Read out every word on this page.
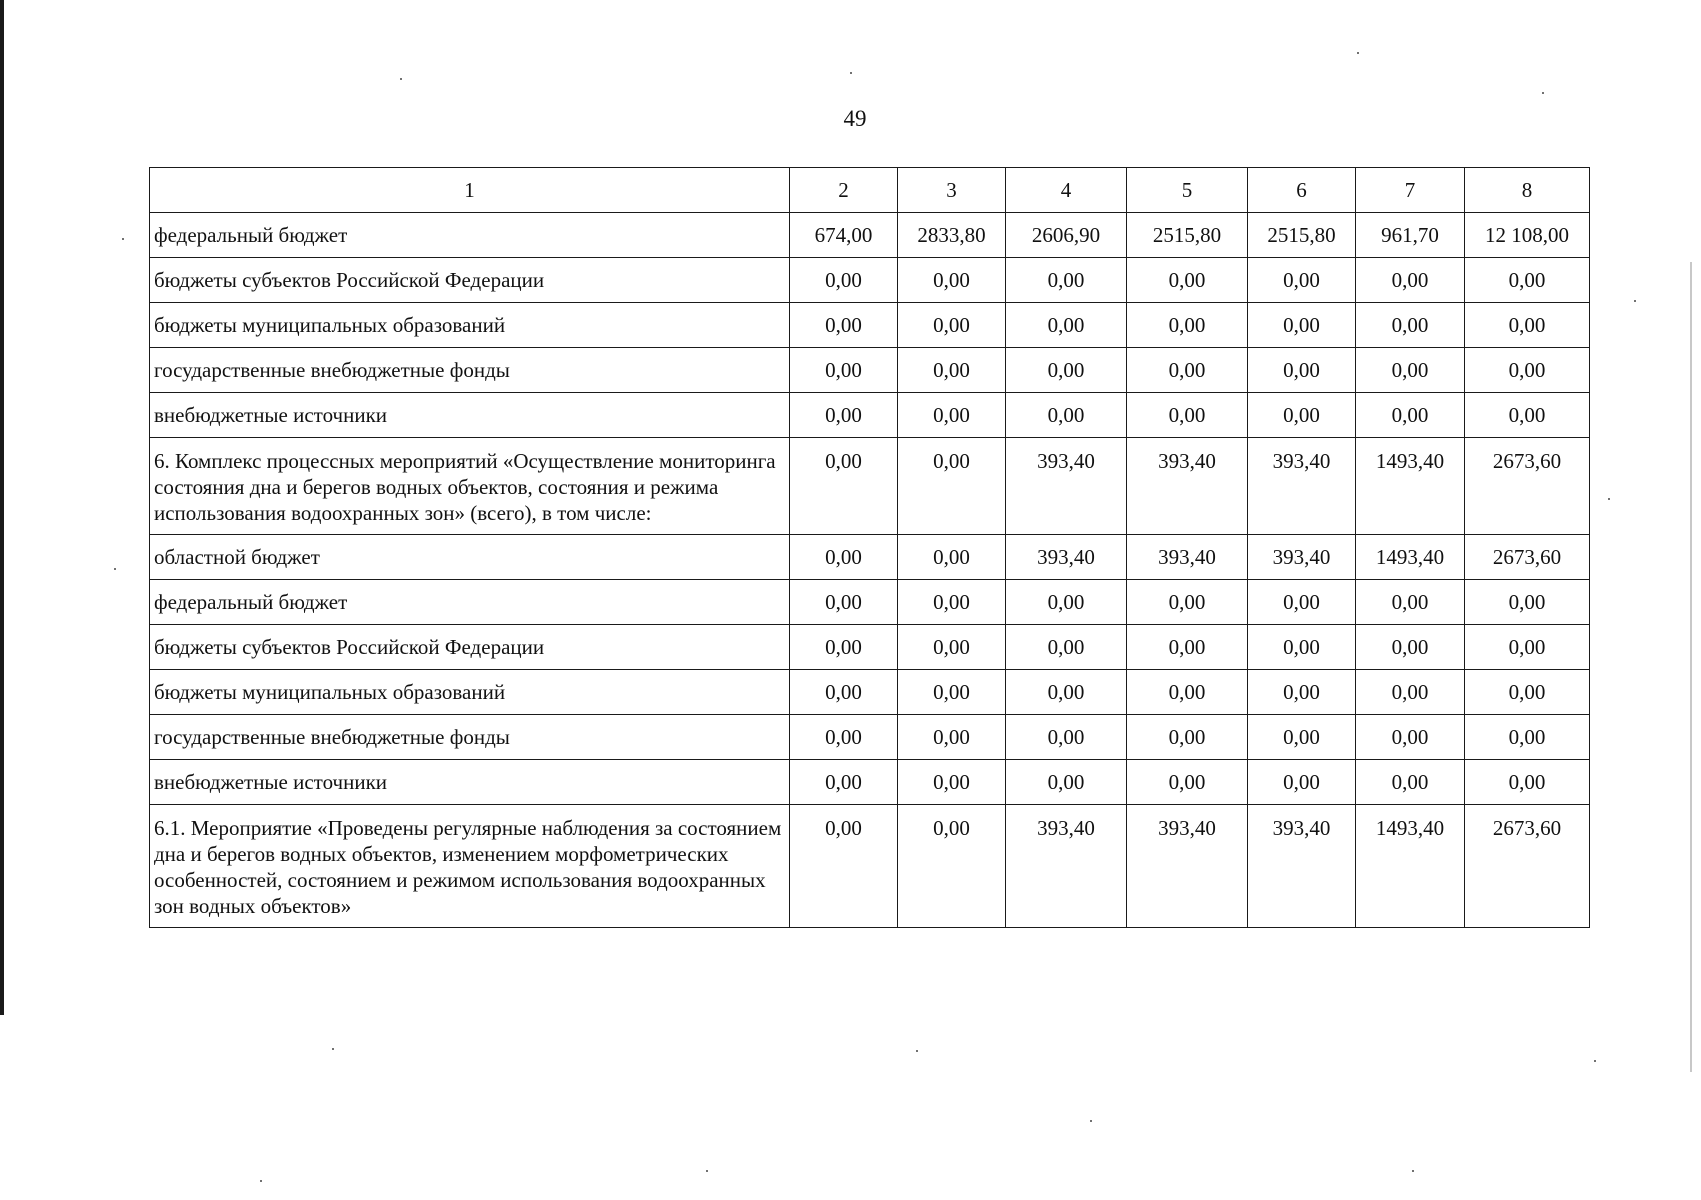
49
1	2	3	4	5	6	7	8
федеральный бюджет	674,00	2833,80	2606,90	2515,80	2515,80	961,70	12 108,00
бюджеты субъектов Российской Федерации	0,00	0,00	0,00	0,00	0,00	0,00	0,00
бюджеты муниципальных образований	0,00	0,00	0,00	0,00	0,00	0,00	0,00
государственные внебюджетные фонды	0,00	0,00	0,00	0,00	0,00	0,00	0,00
внебюджетные источники	0,00	0,00	0,00	0,00	0,00	0,00	0,00
6. Комплекс процессных мероприятий «Осуществление мониторинга состояния дна и берегов водных объектов, состояния и режима использования водоохранных зон» (всего), в том числе:	0,00	0,00	393,40	393,40	393,40	1493,40	2673,60
областной бюджет	0,00	0,00	393,40	393,40	393,40	1493,40	2673,60
федеральный бюджет	0,00	0,00	0,00	0,00	0,00	0,00	0,00
бюджеты субъектов Российской Федерации	0,00	0,00	0,00	0,00	0,00	0,00	0,00
бюджеты муниципальных образований	0,00	0,00	0,00	0,00	0,00	0,00	0,00
государственные внебюджетные фонды	0,00	0,00	0,00	0,00	0,00	0,00	0,00
внебюджетные источники	0,00	0,00	0,00	0,00	0,00	0,00	0,00
6.1. Мероприятие «Проведены регулярные наблюдения за состоянием дна и берегов водных объектов, изменением морфометрических особенностей, состоянием и режимом использования водоохранных зон водных объектов»	0,00	0,00	393,40	393,40	393,40	1493,40	2673,60
